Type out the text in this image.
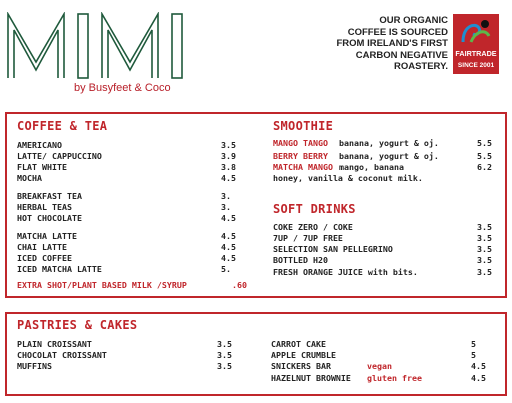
by Busyfeet & Coco
OUR ORGANIC
COFFEE IS SOURCED
FROM IRELAND'S FIRST
CARBON NEGATIVE
ROASTERY.
FAIRTRADE
SINCE 2001
COFFEE & TEA
AMERICANO	3.5
LATTE/ CAPPUCCINO	3.9
FLAT WHITE	3.8
MOCHA	4.5
BREAKFAST TEA	3.
HERBAL TEAS	3.
HOT CHOCOLATE	4.5
MATCHA LATTE	4.5
CHAI LATTE	4.5
ICED COFFEE	4.5
ICED MATCHA LATTE	5.
EXTRA SHOT/PLANT BASED MILK /SYRUP	.60
SMOOTHIE
MANGO TANGO banana, yogurt & oj.	5.5
BERRY BERRY banana, yogurt & oj.	5.5
MATCHA MANGO mango, banana	6.2
honey, vanilla & coconut milk.
SOFT DRINKS
COKE ZERO / COKE	3.5
7UP / 7UP FREE	3.5
SELECTION SAN PELLEGRINO	3.5
BOTTLED H20	3.5
FRESH ORANGE JUICE with bits.	3.5
PASTRIES & CAKES
PLAIN CROISSANT	3.5
CHOCOLAT CROISSANT	3.5
MUFFINS	3.5
CARROT CAKE	5
APPLE CRUMBLE	5
SNICKERS BAR	vegan	4.5
HAZELNUT BROWNIE gluten free	4.5
